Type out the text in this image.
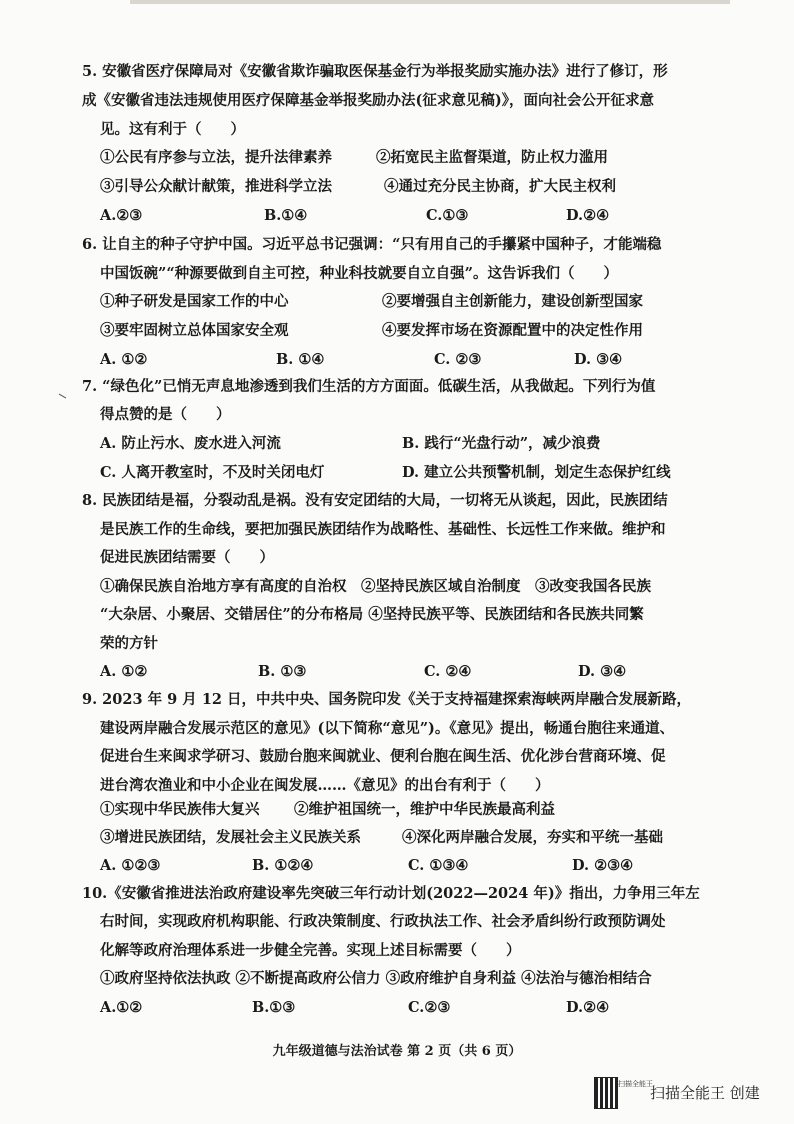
5. 安徽省医疗保障局对《安徽省欺诈骗取医保基金行为举报奖励实施办法》进行了修订，形
成《安徽省违法违规使用医疗保障基金举报奖励办法(征求意见稿)》，面向社会公开征求意
见。这有利于（　　）
①公民有序参与立法，提升法律素养	②拓宽民主监督渠道，防止权力滥用
③引导公众献计献策，推进科学立法	④通过充分民主协商，扩大民主权利
A.②③	B.①④	C.①③	D.②④
6. 让自主的种子守护中国。习近平总书记强调：“只有用自己的手攥紧中国种子，才能端稳
中国饭碗”“种源要做到自主可控，种业科技就要自立自强”。这告诉我们（　　）
①种子研发是国家工作的中心	②要增强自主创新能力，建设创新型国家
③要牢固树立总体国家安全观	④要发挥市场在资源配置中的决定性作用
A. ①②	B. ①④	C. ②③	D. ③④
7. “绿色化”已悄无声息地渗透到我们生活的方方面面。低碳生活，从我做起。下列行为值
得点赞的是（　　）
A. 防止污水、废水进入河流	B. 践行“光盘行动”，减少浪费
C. 人离开教室时，不及时关闭电灯	D. 建立公共预警机制，划定生态保护红线
8. 民族团结是福，分裂动乱是祸。没有安定团结的大局，一切将无从谈起，因此，民族团结
是民族工作的生命线，要把加强民族团结作为战略性、基础性、长远性工作来做。维护和
促进民族团结需要（　　）
①确保民族自治地方享有高度的自治权　②坚持民族区域自治制度　③改变我国各民族
“大杂居、小聚居、交错居住”的分布格局 ④坚持民族平等、民族团结和各民族共同繁
荣的方针
A. ①②	B. ①③	C. ②④	D. ③④
9. 2023 年 9 月 12 日，中共中央、国务院印发《关于支持福建探索海峡两岸融合发展新路，
建设两岸融合发展示范区的意见》(以下简称“意见”)。《意见》提出，畅通台胞往来通道、
促进台生来闽求学研习、鼓励台胞来闽就业、便利台胞在闽生活、优化涉台营商环境、促
进台湾农渔业和中小企业在闽发展……《意见》的出台有利于（　　）
①实现中华民族伟大复兴 ②维护祖国统一，维护中华民族最高利益
③增进民族团结，发展社会主义民族关系	④深化两岸融合发展，夯实和平统一基础
A. ①②③	B. ①②④	C. ①③④	D. ②③④
10.《安徽省推进法治政府建设率先突破三年行动计划(2022—2024 年)》指出，力争用三年左
右时间，实现政府机构职能、行政决策制度、行政执法工作、社会矛盾纠纷行政预防调处
化解等政府治理体系进一步健全完善。实现上述目标需要（　　）
①政府坚持依法执政 ②不断提高政府公信力 ③政府维护自身利益 ④法治与德治相结合
A.①②	B.①③	C.②③	D.②④
九年级道德与法治试卷 第 2 页（共 6 页）
扫描全能王
扫描全能王 创建
